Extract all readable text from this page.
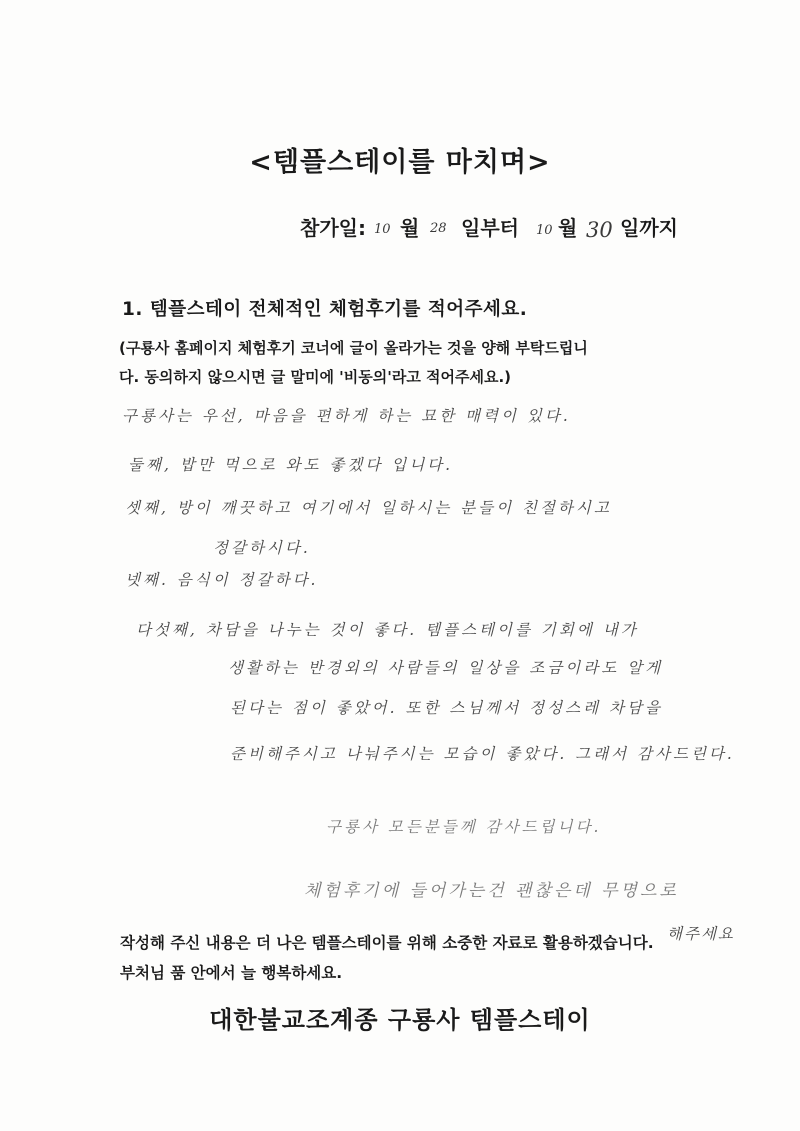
<템플스테이를 마치며>
참가일: 10 월 28 일부터 10 월 30 일까지
1. 템플스테이 전체적인 체험후기를 적어주세요.
(구룡사 홈페이지 체험후기 코너에 글이 올라가는 것을 양해 부탁드립니
다. 동의하지 않으시면 글 말미에 '비동의'라고 적어주세요.)
구룡사는 우선, 마음을 편하게 하는 묘한 매력이 있다.
둘째, 밥만 먹으로 와도 좋겠다 입니다.
셋째, 방이 깨끗하고 여기에서 일하시는 분들이 친절하시고
정갈하시다.
넷째. 음식이 정갈하다.
다섯째, 차담을 나누는 것이 좋다. 템플스테이를 기회에 내가
생활하는 반경외의 사람들의 일상을 조금이라도 알게
된다는 점이 좋았어. 또한 스님께서 정성스레 차담을
준비해주시고 나눠주시는 모습이 좋았다. 그래서 감사드린다.
구룡사 모든분들께 감사드립니다.
체험후기에 들어가는건 괜찮은데 무명으로
해주세요
작성해 주신 내용은 더 나은 템플스테이를 위해 소중한 자료로 활용하겠습니다.
부처님 품 안에서 늘 행복하세요.
대한불교조계종 구룡사 템플스테이
